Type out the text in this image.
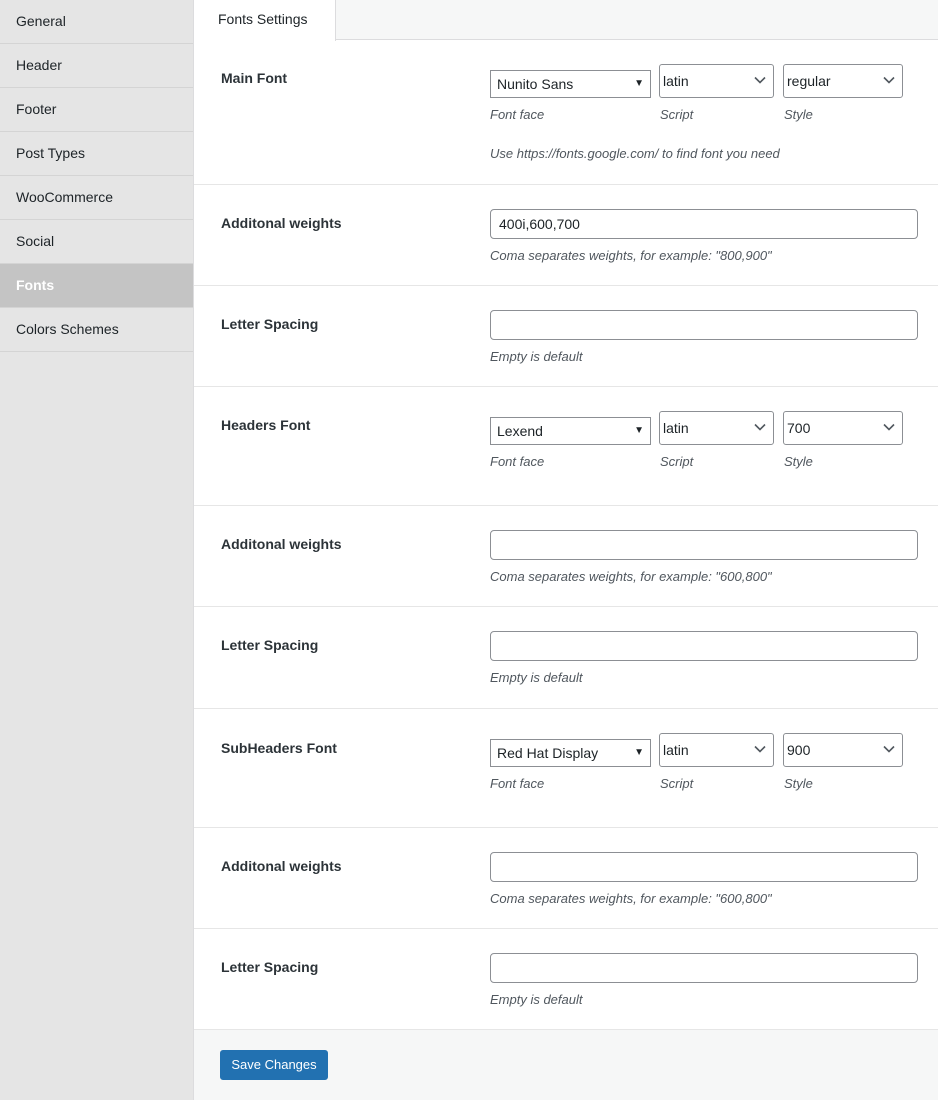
General
Header
Footer
Post Types
WooCommerce
Social
Fonts
Colors Schemes
Fonts Settings
Main Font	Nunito Sans	▼ latin	regular
Font face	Script	Style
Use https://fonts.google.com/ to find font you need
Additonal weights	400i,600,700
Coma separates weights, for example: "800,900"
Letter Spacing
Empty is default
Headers Font	Lexend	▼ latin	700
Font face	Script	Style
Additonal weights
Coma separates weights, for example: "600,800"
Letter Spacing
Empty is default
SubHeaders Font	Red Hat Display	▼ latin	900
Font face	Script	Style
Additonal weights
Coma separates weights, for example: "600,800"
Letter Spacing
Empty is default
Save Changes
